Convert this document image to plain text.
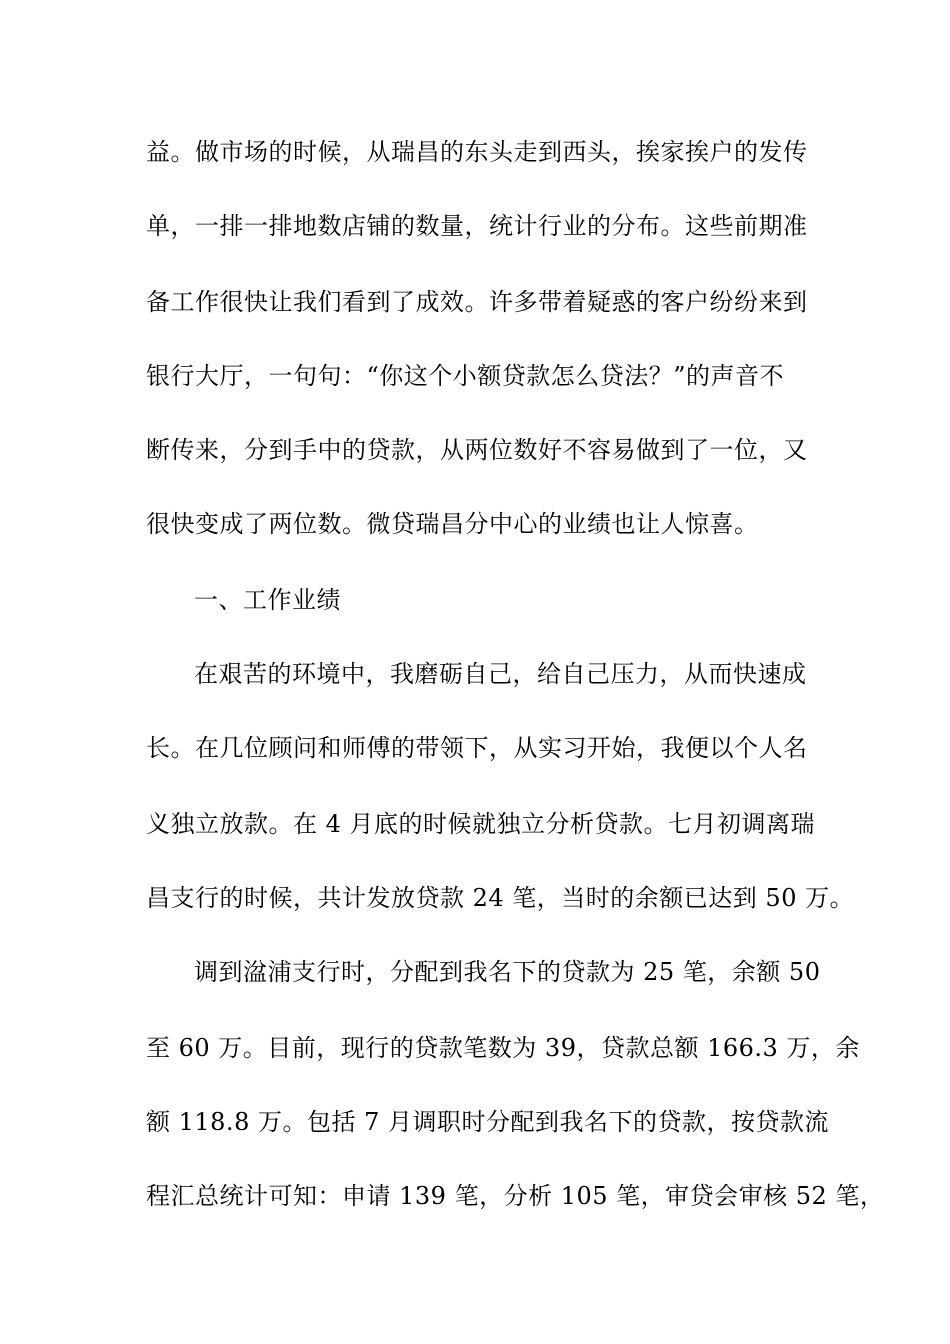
益。做市场的时候，从瑞昌的东头走到西头，挨家挨户的发传
单，一排一排地数店铺的数量，统计行业的分布。这些前期准
备工作很快让我们看到了成效。许多带着疑惑的客户纷纷来到
银行大厅，一句句：“你这个小额贷款怎么贷法？”的声音不
断传来，分到手中的贷款，从两位数好不容易做到了一位，又
很快变成了两位数。微贷瑞昌分中心的业绩也让人惊喜。
一、工作业绩
在艰苦的环境中，我磨砺自己，给自己压力，从而快速成
长。在几位顾问和师傅的带领下，从实习开始，我便以个人名
义独立放款。在 4 月底的时候就独立分析贷款。七月初调离瑞
昌支行的时候，共计发放贷款 24 笔，当时的余额已达到 50 万。
调到湓浦支行时，分配到我名下的贷款为 25 笔，余额 50
至 60 万。目前，现行的贷款笔数为 39，贷款总额 166.3 万，余
额 118.8 万。包括 7 月调职时分配到我名下的贷款，按贷款流
程汇总统计可知：申请 139 笔，分析 105 笔，审贷会审核 52 笔，
